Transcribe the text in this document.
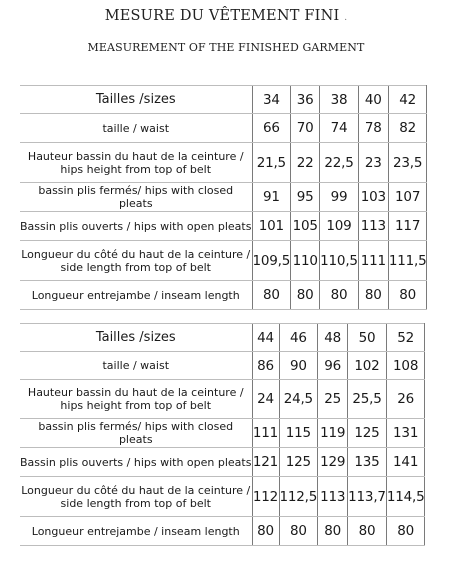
MESURE DU VÊTEMENT FINI .
MEASUREMENT OF THE FINISHED GARMENT
Tailles /sizes	34	36	38	40	42
taille / waist	66	70	74	78	82
Hauteur bassin du haut de la ceinture / hips height from top of belt	21,5	22	22,5	23	23,5
bassin plis fermés/ hips with closed pleats	91	95	99	103	107
Bassin plis ouverts / hips with open pleats	101	105	109	113	117
Longueur du côté du haut de la ceinture / side length from top of belt	109,5	110	110,5	111	111,5
Longueur entrejambe / inseam length	80	80	80	80	80
Tailles /sizes	44	46	48	50	52
taille / waist	86	90	96	102	108
Hauteur bassin du haut de la ceinture / hips height from top of belt	24	24,5	25	25,5	26
bassin plis fermés/ hips with closed pleats	111	115	119	125	131
Bassin plis ouverts / hips with open pleats	121	125	129	135	141
Longueur du côté du haut de la ceinture / side length from top of belt	112	112,5	113	113,7	114,5
Longueur entrejambe / inseam length	80	80	80	80	80
